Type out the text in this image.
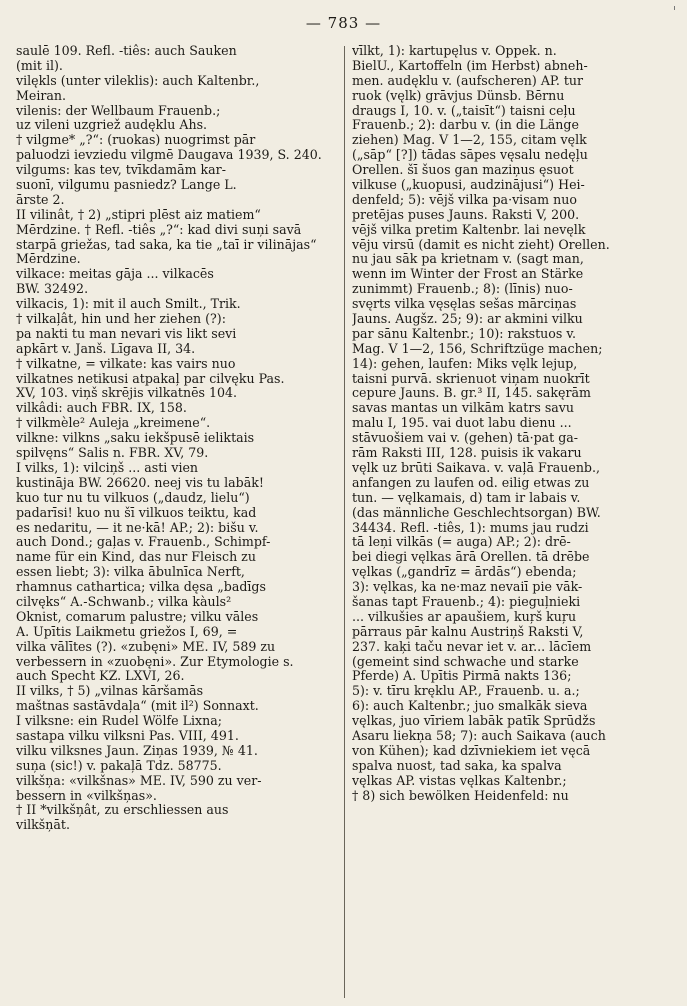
— 783 —
saulē 109. Refl. -tiês: auch Sauken
(mit il).
vilękls (unter vileklis): auch Kaltenbr.,
Meiran.
vilenis: der Wellbaum Frauenb.;
uz vileni uzgriež audęklu Ahs.
† vilgme* „?“: (ruokas) nuogrimst pār
paluodzi ievziedu vilgmē Daugava 1939, S. 240.
vilgums: kas tev, tvīkdamām kar-
suonī, vilgumu pasniedz? Lange L.
ārste 2.
II vilinât, † 2) „stipri plēst aiz matiem“
Mērdzine. † Refl. -tiês „?“: kad divi suņi savā
starpā griežas, tad saka, ka tie „taī ir vilinājas“
Mērdzine.
vilkace: meitas gāja ... vilkacēs
BW. 32492.
vilkacis, 1): mit il auch Smilt., Trik.
† vilkaļât, hin und her ziehen (?):
pa nakti tu man nevari vis likt sevi
apkārt v. Janš. Līgava II, 34.
† vilkatne, = vilkate: kas vairs nuo
vilkatnes netikusi atpakaļ par cilvęku Pas.
XV, 103. viņš skrējis vilkatnēs 104.
vilkâdi: auch FBR. IX, 158.
† vilkmèle² Auleja „kreimene“.
vilkne: vilkns „saku iekšpusē ieliktais
spilvęns“ Salis n. FBR. XV, 79.
I vilks, 1): vilciņš ... asti vien
kustināja BW. 26620. neej vis tu labāk!
kuo tur nu tu vilkuos („daudz, lielu“)
padarīsi! kuo nu šī vilkuos teiktu, kad
es nedaritu, — it ne·kā! AP.; 2): bišu v.
auch Dond.; gaļas v. Frauenb., Schimpf-
name für ein Kind, das nur Fleisch zu
essen liebt; 3): vilka ābulnīca Nerft,
rhamnus cathartica; vilka dęsa „badīgs
cilvęks“ A.-Schwanb.; vilka kàuls²
Oknist, comarum palustre; vilku vāles
A. Upītis Laikmetu griežos I, 69, =
vilka vālītes (?). «zubęni» ME. IV, 589 zu
verbessern in «zuobęni». Zur Etymologie s.
auch Specht KZ. LXVI, 26.
II vilks, † 5) „vilnas kāršamās
maštnas sastāvdaļa“ (mit il²) Sonnaxt.
I vilksne: ein Rudel Wölfe Lixna;
sastapa vilku vilksni Pas. VIII, 491.
vilku vilksnes Jaun. Ziņas 1939, № 41.
suņa (sic!) v. pakaļā Tdz. 58775.
vilkšņa: «vilkšnas» ME. IV, 590 zu ver-
bessern in «vilkšņas».
† II *vilkšņât, zu erschliessen aus
vilkšņāt.
vīlkt, 1): kartupęlus v. Oppek. n.
BielU., Kartoffeln (im Herbst) abneh-
men. audęklu v. (aufscheren) AP. tur
ruok (vęlk) grāvjus Dünsb. Bērnu
draugs I, 10. v. („taisīt“) taisni ceļu
Frauenb.; 2): darbu v. (in die Länge
ziehen) Mag. V 1—2, 155, citam vęlk
(„sāp“ [?]) tādas sāpes vęsalu nedęļu
Orellen. šī šuos gan maziņus ęsuot
vilkuse („kuopusi, audzinājusi“) Hei-
denfeld; 5): vējš vilka pa·visam nuo
pretējas puses Jauns. Raksti V, 200.
vējš vilka pretim Kaltenbr. lai nevęlk
vēju virsū (damit es nicht zieht) Orellen.
nu jau sāk pa krietnam v. (sagt man,
wenn im Winter der Frost an Stärke
zunimmt) Frauenb.; 8): (līnis) nuo-
svęrts vilka vęsęlas sešas mārciņas
Jauns. Augšz. 25; 9): ar akmini vilku
par sānu Kaltenbr.; 10): rakstuos v.
Mag. V 1—2, 156, Schriftzüge machen;
14): gehen, laufen: Miks vęlk lejup,
taisni purvā. skrienuot viņam nuokrīt
cepure Jauns. B. gr.³ II, 145. sakęrām
savas mantas un vilkām katrs savu
malu I, 195. vai duot labu dienu ...
stāvuošiem vai v. (gehen) tā·pat ga-
rām Raksti III, 128. puisis ik vakaru
vęlk uz brūti Saikava. v. vaļā Frauenb.,
anfangen zu laufen od. eilig etwas zu
tun. — vęlkamais, d) tam ir labais v.
(das männliche Geschlechtsorgan) BW.
34434. Refl. -tiês, 1): mums jau rudzi
tā leņi vilkās (= auga) AP.; 2): drē-
bei diegi vęlkas ārā Orellen. tā drēbe
vęlkas („gandrīz = ārdās“) ebenda;
3): vęlkas, ka ne·maz nevaiī pie vāk-
šanas tapt Frauenb.; 4): pieguļnieki
... vilkušies ar apaušiem, kuŗš kuŗu
pārraus pār kalnu Austriņš Raksti V,
237. kaķi taču nevar iet v. ar... lācīem
(gemeint sind schwache und starke
Pferde) A. Upītis Pirmā nakts 136;
5): v. tīru kręklu AP., Frauenb. u. a.;
6): auch Kaltenbr.; juo smalkāk sieva
vęlkas, juo vīriem labāk patīk Sprūdžs
Asaru liekņa 58; 7): auch Saikava (auch
von Kühen); kad dzīvniekiem iet vęcā
spalva nuost, tad saka, ka spalva
vęlkas AP. vistas vęlkas Kaltenbr.;
† 8) sich bewölken Heidenfeld: nu
